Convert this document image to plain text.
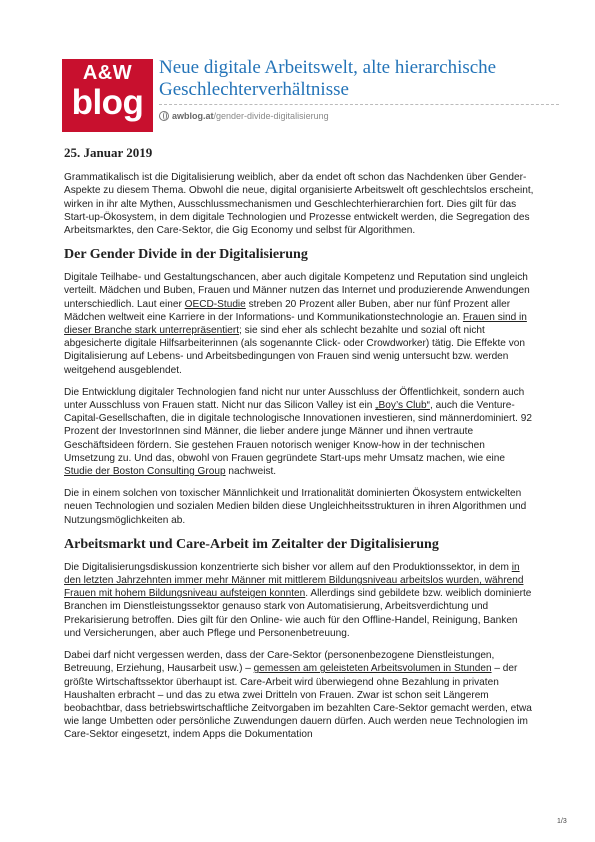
A&W
blog
Neue digitale Arbeitswelt, alte hierarchische Geschlechterverhältnisse
awblog.at /gender-divide-digitalisierung
25. Januar 2019

Grammatikalisch ist die Digitalisierung weiblich, aber da endet oft schon das Nachdenken über Gender-Aspekte zu diesem Thema. Obwohl die neue, digital organisierte Arbeitswelt oft geschlechtslos erscheint, wirken in ihr alte Mythen, Ausschlussmechanismen und Geschlechterhierarchien fort. Dies gilt für das Start-up-Ökosystem, in dem digitale Technologien und Prozesse entwickelt werden, die Segregation des Arbeitsmarktes, den Care-Sektor, die Gig Economy und selbst für Algorithmen.

Der Gender Divide in der Digitalisierung

Digitale Teilhabe- und Gestaltungschancen, aber auch digitale Kompetenz und Reputation sind ungleich verteilt. Mädchen und Buben, Frauen und Männer nutzen das Internet und produzierende Anwendungen unterschiedlich. Laut einer OECD-Studie streben 20 Prozent aller Buben, aber nur fünf Prozent aller Mädchen weltweit eine Karriere in der Informations- und Kommunikationstechnologie an. Frauen sind in dieser Branche stark unterrepräsentiert; sie sind eher als schlecht bezahlte und sozial oft nicht abgesicherte digitale Hilfsarbeiterinnen (als sogenannte Click- oder Crowdworker) tätig. Die Effekte von Digitalisierung auf Lebens- und Arbeitsbedingungen von Frauen sind wenig untersucht bzw. werden weitgehend ausgeblendet.

Die Entwicklung digitaler Technologien fand nicht nur unter Ausschluss der Öffentlichkeit, sondern auch unter Ausschluss von Frauen statt. Nicht nur das Silicon Valley ist ein „Boy’s Club“, auch die Venture-Capital-Gesellschaften, die in digitale technologische Innovationen investieren, sind männerdominiert. 92 Prozent der InvestorInnen sind Männer, die lieber andere junge Männer und ihnen vertraute Geschäftsideen fördern. Sie gestehen Frauen notorisch weniger Know-how in der technischen Umsetzung zu. Und das, obwohl von Frauen gegründete Start-ups mehr Umsatz machen, wie eine Studie der Boston Consulting Group nachweist.

Die in einem solchen von toxischer Männlichkeit und Irrationalität dominierten Ökosystem entwickelten neuen Technologien und sozialen Medien bilden diese Ungleichheitsstrukturen in ihren Algorithmen und Nutzungsmöglichkeiten ab.

Arbeitsmarkt und Care-Arbeit im Zeitalter der Digitalisierung

Die Digitalisierungsdiskussion konzentrierte sich bisher vor allem auf den Produktionssektor, in dem in den letzten Jahrzehnten immer mehr Männer mit mittlerem Bildungsniveau arbeitslos wurden, während Frauen mit hohem Bildungsniveau aufsteigen konnten. Allerdings sind gebildete bzw. weiblich dominierte Branchen im Dienstleistungssektor genauso stark von Automatisierung, Arbeitsverdichtung und Prekarisierung betroffen. Dies gilt für den Online- wie auch für den Offline-Handel, Reinigung, Banken und Versicherungen, aber auch Pflege und Personenbetreuung.

Dabei darf nicht vergessen werden, dass der Care-Sektor (personenbezogene Dienstleistungen, Betreuung, Erziehung, Hausarbeit usw.) – gemessen am geleisteten Arbeitsvolumen in Stunden – der größte Wirtschaftssektor überhaupt ist. Care-Arbeit wird überwiegend ohne Bezahlung in privaten Haushalten erbracht – und das zu etwa zwei Dritteln von Frauen. Zwar ist schon seit Längerem beobachtbar, dass betriebswirtschaftliche Zeitvorgaben im bezahlten Care-Sektor gemacht werden, etwa wie lange Umbetten oder persönliche Zuwendungen dauern dürfen. Auch werden neue Technologien im Care-Sektor eingesetzt, indem Apps die Dokumentation

1/3
